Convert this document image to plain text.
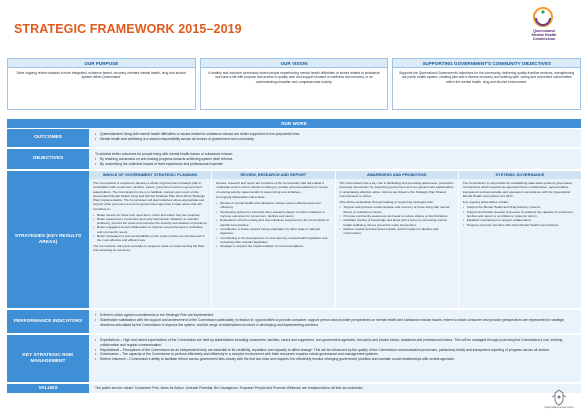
STRATEGIC FRAMEWORK 2015–2019	Queensland
Mental Health
Commission
OUR PURPOSE
Drive ongoing reform towards a more integrated, evidence-based, recovery-oriented mental health, drug and alcohol system within Queensland.
OUR VISION
A healthy and inclusive community where people experiencing mental health difficulties or issues related to substance use have a life with purpose and access to quality care and support focused on wellness and recovery, in an understanding empathic and compassionate society.
SUPPORTING GOVERNMENT'S COMMUNITY OBJECTIVES
Supports the Queensland Government's objectives for the community, delivering quality frontline services, strengthening our public health system, creating jobs and a diverse economy and building safe, caring and connected communities within the mental health, drug and alcohol environment.
OUR WORK
OUTCOMES
• Queenslanders living with mental health difficulties or issues related to substance misuse are better supported to live purposeful lives.
• Mental health and wellbeing is a shared responsibility across all sectors of government and community.
OBJECTIVES
To achieve better outcomes for people living with mental health issues or substance misuse:
• By reaching consensus on and making progress towards achieving system wide reforms
• By maximising the collective impact of lived experience and professional expertise
STRATEGIES (KEY RESULTS AREAS)
WHOLE OF GOVERNMENT STRATEGIC PLANNING

The Commission is required to develop a whole of government strategic plan in consultation with consumers, families, carers, government and non-government stakeholders. The Commission's role is to facilitate, support and report on the Queensland Mental Health, Drug and Alcohol Strategic Plan 2014-2019 (Strategic Plan) implementation. The Commission will lead initiatives where appropriate and support other government and non-government agencies to take action that will contribute to:

• Better access for those who need them, when and where they are required;
• Better assessment, prevention and early intervention initiatives to maintain wellbeing, prevent the onset and minimise the severity and duration of problems;
• Better engagement and collaboration to improve responsiveness to individual and community needs
• Better transparency and accountability so the system works as intended and in the most effective and efficient way.

The Commission will report annually on progress made on implementing the Plan and achieving its outcomes.

REVIEW, RESEARCH AND REPORT

Review, research and report are functions of the Commission that will enable it undertake work to inform decision-making or provide recommendations on review of existing activity valued and/or in determining new initiatives.

Its ongoing deliverables will include:

• Review of mental health and substance misuse system effectiveness and efficiency
• Developing options for informed other research papers to inform initiatives to improve outcomes for consumers, families and carers;
• Evaluations of both existing and new initiatives supported by the Commission to identify best practice.
• Contribution to those reviews being undertaken by other state or national agencies;
• Contributing to the development of contemporary mental health legislation and reviewing other relevant legislation
• Strategic to support the implementation of recommendations.
AWARENESS AND PROMOTION

The Commission has a key role in facilitating and promoting awareness, prevention and early intervention by supporting government and non-government stakeholders in undertaking effective action. Actions are linked to the Strategic Plan Shared Commitments to Action.

This will be undertaken through leading or supporting strategies that:

• Support and promote social inclusion and recovery of those living with mental illness or substance misuse.
• Promote community awareness and seek to reduce stigma or discrimination.
• Facilitate sharing of knowledge and ideas with a focus on promoting mental health wellbeing, illness prevention early intervention.
• Reduce suicide and attempted suicide, and its impact on families and communities.
SYSTEMIC GOVERNANCE

The Commission is responsible for establishing state-wide systemic governance mechanisms which supports an approach that is collaborative, representative, transparent and accountable and operates in accordance with the Queensland Mental Health Commission Act 2013.

Key ongoing deliverables include:

• Support the Mental Health and Drug Advisory Council.
• Support and further develop processes to enhance the capacity of consumers, families and carers to contribute to systemic reform.
• Establish mechanisms to support collaboration.
• Progress common priorities with other Mental Health Commissions.
PERFORMANCE INDICATORS
• Extent to which agreed commitments in the Strategic Plan are implemented.
• Stakeholder satisfaction with the support and achievement of the Commission particularly in relation to: opportunities to provide consumer, support person and provider perspectives on mental health and substance misuse issues; extent to which consumer and provider perspectives are represented in strategic directions articulated by the Commission to improve the system; and the range of stakeholders involved in developing and implementing solutions
KEY STRATEGIC RISK MANAGEMENT
• Expectations – High and varied expectations of the Commission are held by stakeholders including consumers, families, carers and supporters, non-government agencies, the public and private sector, academia and professional bodies. This will be managed through promoting the Commission's role, seeking collaboration and regular communication.
• Reputational – Perceptions of the Commission as an independent body are essential to its credibility, reputation and capacity to affect change. This will be influenced by the quality of the Commission communication processes, particularly timely and transparent reporting of progress across all sectors.
• Governance – The capacity of the Commission to perform effectively and efficiently in a complex environment with finite resources requires robust governance and management systems.
• Reform influence – Commission's ability to facilitate reform across government falls closely with the first two risks and requires it to effectively monitor changing government priorities and maintain sound relationships with central agencies.
VALUES	The public service values 'Customers First, Ideas for Action, Unleash Potential, Be Courageous, Empower People and Promote Wellness' are fundamental to all that we undertake.
Queensland Government
